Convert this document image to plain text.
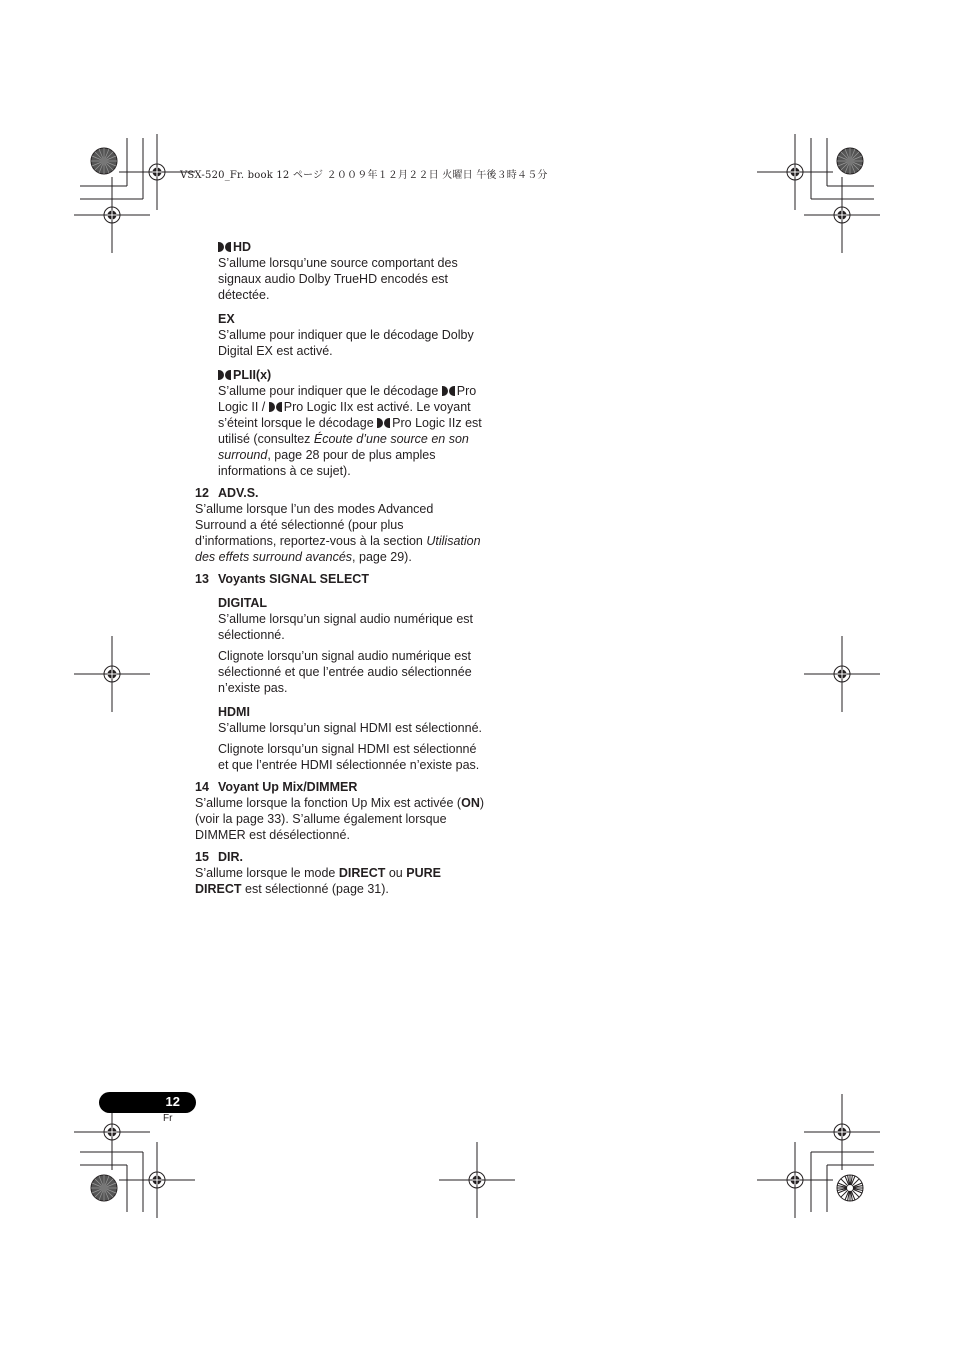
VSX-520_Fr. book 12 ページ ２００９年１２月２２日 火曜日 午後３時４５分
HD

S’allume lorsqu’une source comportant des signaux audio Dolby TrueHD encodés est détectée.

EX

S’allume pour indiquer que le décodage Dolby Digital EX est activé.

PLII(x)

S’allume pour indiquer que le décodage Pro Logic II / Pro Logic IIx est activé. Le voyant s’éteint lorsque le décodage Pro Logic IIz est utilisé (consultez Écoute d’une source en son surround, page 28 pour de plus amples informations à ce sujet).

12 ADV.S.

S’allume lorsque l’un des modes Advanced Surround a été sélectionné (pour plus d’informations, reportez-vous à la section Utilisation des effets surround avancés, page 29).

13 Voyants SIGNAL SELECT
DIGITAL

S’allume lorsqu’un signal audio numérique est sélectionné.

Clignote lorsqu’un signal audio numérique est sélectionné et que l’entrée audio sélectionnée n’existe pas.

HDMI

S’allume lorsqu’un signal HDMI est sélectionné.

Clignote lorsqu’un signal HDMI est sélectionné et que l’entrée HDMI sélectionnée n’existe pas.

14 Voyant Up Mix/DIMMER

S’allume lorsque la fonction Up Mix est activée (ON) (voir la page 33). S’allume également lorsque DIMMER est désélectionné.

15 DIR.

S’allume lorsque le mode DIRECT ou PURE DIRECT est sélectionné (page 31).

12
Fr
